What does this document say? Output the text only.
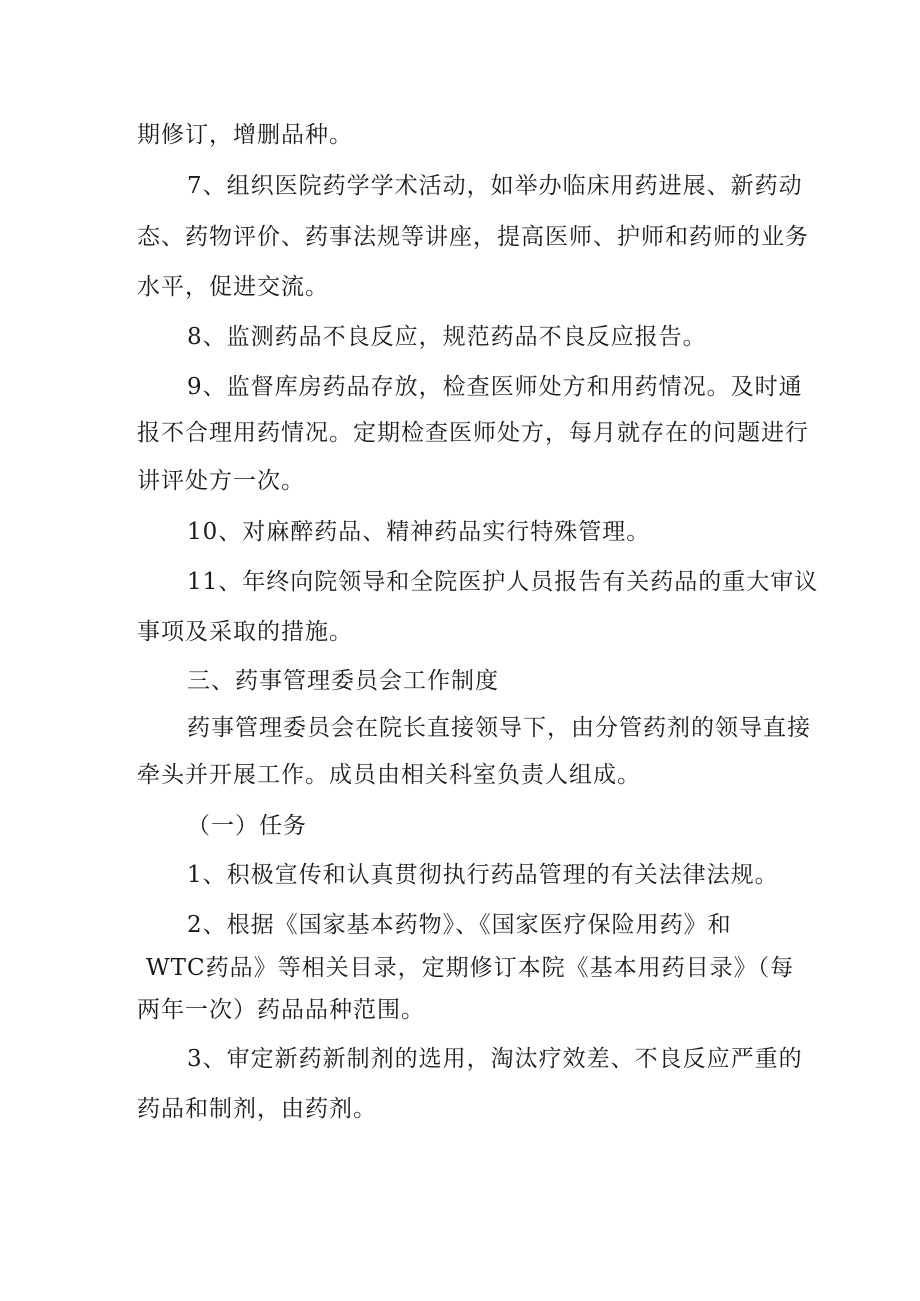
期修订，增删品种。
7、组织医院药学学术活动，如举办临床用药进展、新药动
态、药物评价、药事法规等讲座，提高医师、护师和药师的业务
水平，促进交流。
8、监测药品不良反应，规范药品不良反应报告。
9、监督库房药品存放，检查医师处方和用药情况。及时通
报不合理用药情况。定期检查医师处方，每月就存在的问题进行
讲评处方一次。
10、对麻醉药品、精神药品实行特殊管理。
11、年终向院领导和全院医护人员报告有关药品的重大审议
事项及采取的措施。
三、药事管理委员会工作制度
药事管理委员会在院长直接领导下，由分管药剂的领导直接
牵头并开展工作。成员由相关科室负责人组成。
（一）任务
1、积极宣传和认真贯彻执行药品管理的有关法律法规。
2、根据《国家基本药物》、《国家医疗保险用药》和
WTC药品》等相关目录，定期修订本院《基本用药目录》（每
两年一次）药品品种范围。
3、审定新药新制剂的选用，淘汰疗效差、不良反应严重的
药品和制剂，由药剂。
